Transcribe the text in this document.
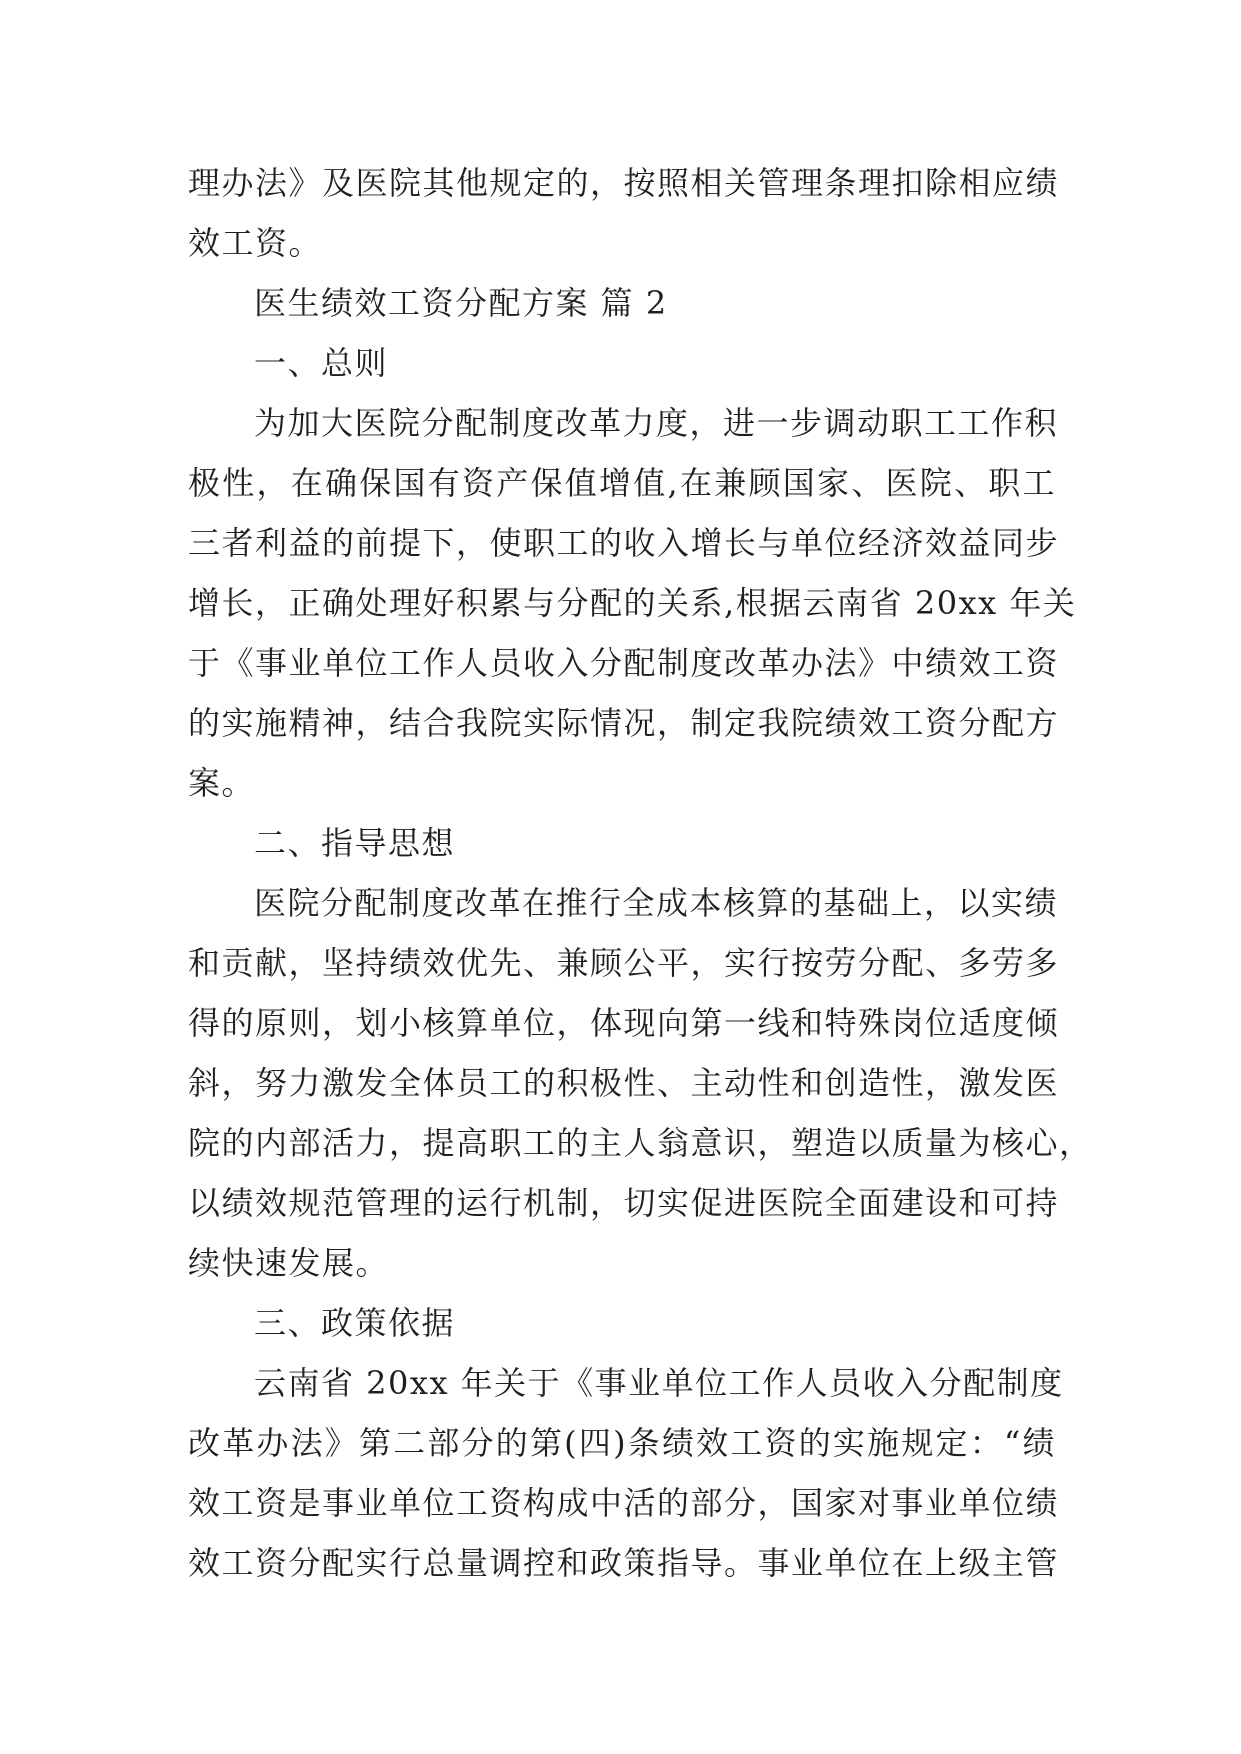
理办法》及医院其他规定的，按照相关管理条理扣除相应绩
效工资。
医生绩效工资分配方案 篇 2
一、总则
为加大医院分配制度改革力度，进一步调动职工工作积
极性，在确保国有资产保值增值,在兼顾国家、医院、职工
三者利益的前提下，使职工的收入增长与单位经济效益同步
增长，正确处理好积累与分配的关系,根据云南省 20xx 年关
于《事业单位工作人员收入分配制度改革办法》中绩效工资
的实施精神，结合我院实际情况，制定我院绩效工资分配方
案。
二、指导思想
医院分配制度改革在推行全成本核算的基础上，以实绩
和贡献，坚持绩效优先、兼顾公平，实行按劳分配、多劳多
得的原则，划小核算单位，体现向第一线和特殊岗位适度倾
斜，努力激发全体员工的积极性、主动性和创造性，激发医
院的内部活力，提高职工的主人翁意识，塑造以质量为核心，
以绩效规范管理的运行机制，切实促进医院全面建设和可持
续快速发展。
三、政策依据
云南省 20xx 年关于《事业单位工作人员收入分配制度
改革办法》第二部分的第(四)条绩效工资的实施规定：“绩
效工资是事业单位工资构成中活的部分，国家对事业单位绩
效工资分配实行总量调控和政策指导。事业单位在上级主管
